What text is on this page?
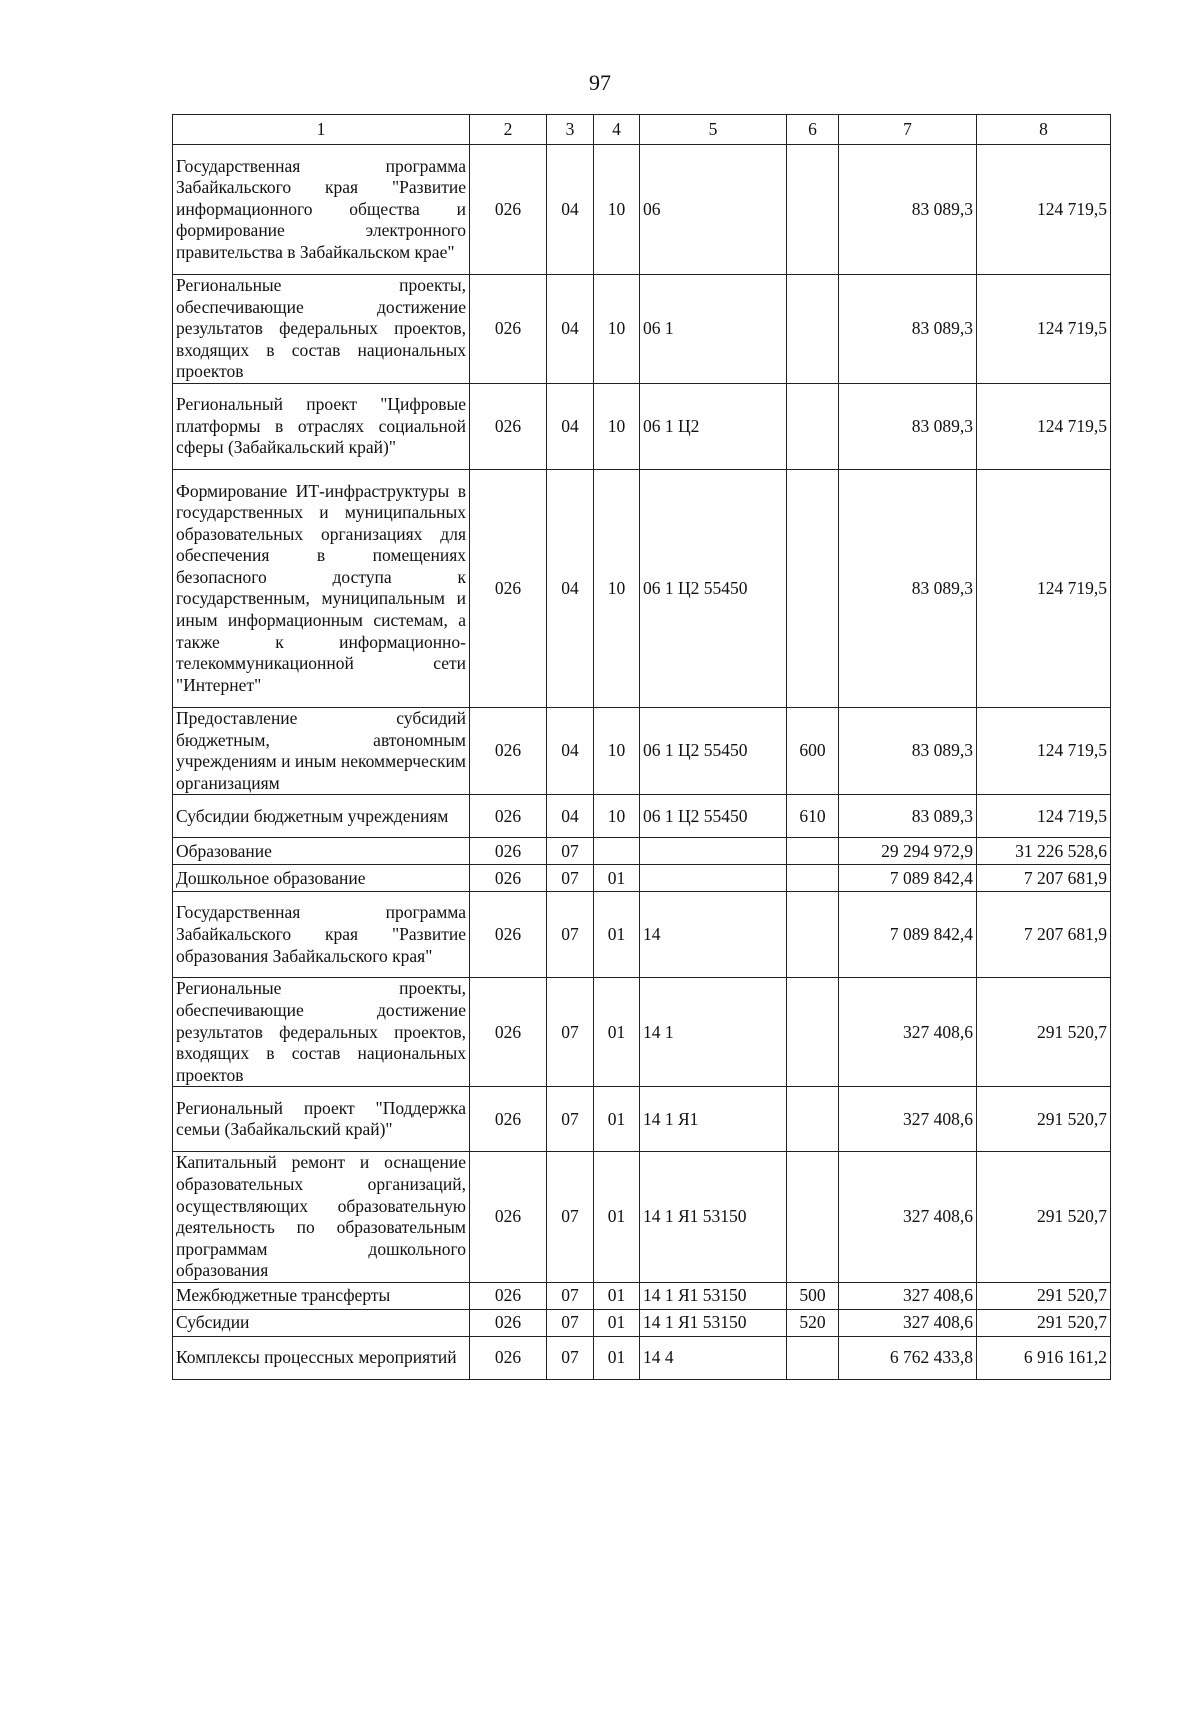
97
1	2	3	4	5	6	7	8
Государственная программа Забайкальского края "Развитие информационного общества и формирование электронного правительства в Забайкальском крае"	026	04	10	06		83 089,3	124 719,5
Региональные проекты, обеспечивающие достижение результатов федеральных проектов, входящих в состав национальных проектов	026	04	10	06 1		83 089,3	124 719,5
Региональный проект "Цифровые платформы в отраслях социальной сферы (Забайкальский край)"	026	04	10	06 1 Ц2		83 089,3	124 719,5
Формирование ИТ-инфраструктуры в государственных и муниципальных образовательных организациях для обеспечения в помещениях безопасного доступа к государственным, муниципальным и иным информационным системам, а также к информационно-телекоммуникационной сети "Интернет"	026	04	10	06 1 Ц2 55450		83 089,3	124 719,5
Предоставление субсидий бюджетным, автономным учреждениям и иным некоммерческим организациям	026	04	10	06 1 Ц2 55450	600	83 089,3	124 719,5
Субсидии бюджетным учреждениям	026	04	10	06 1 Ц2 55450	610	83 089,3	124 719,5
Образование	026	07				29 294 972,9	31 226 528,6
Дошкольное образование	026	07	01			7 089 842,4	7 207 681,9
Государственная программа Забайкальского края "Развитие образования Забайкальского края"	026	07	01	14		7 089 842,4	7 207 681,9
Региональные проекты, обеспечивающие достижение результатов федеральных проектов, входящих в состав национальных проектов	026	07	01	14 1		327 408,6	291 520,7
Региональный проект "Поддержка семьи (Забайкальский край)"	026	07	01	14 1 Я1		327 408,6	291 520,7
Капитальный ремонт и оснащение образовательных организаций, осуществляющих образовательную деятельность по образовательным программам дошкольного образования	026	07	01	14 1 Я1 53150		327 408,6	291 520,7
Межбюджетные трансферты	026	07	01	14 1 Я1 53150	500	327 408,6	291 520,7
Субсидии	026	07	01	14 1 Я1 53150	520	327 408,6	291 520,7
Комплексы процессных мероприятий	026	07	01	14 4		6 762 433,8	6 916 161,2
